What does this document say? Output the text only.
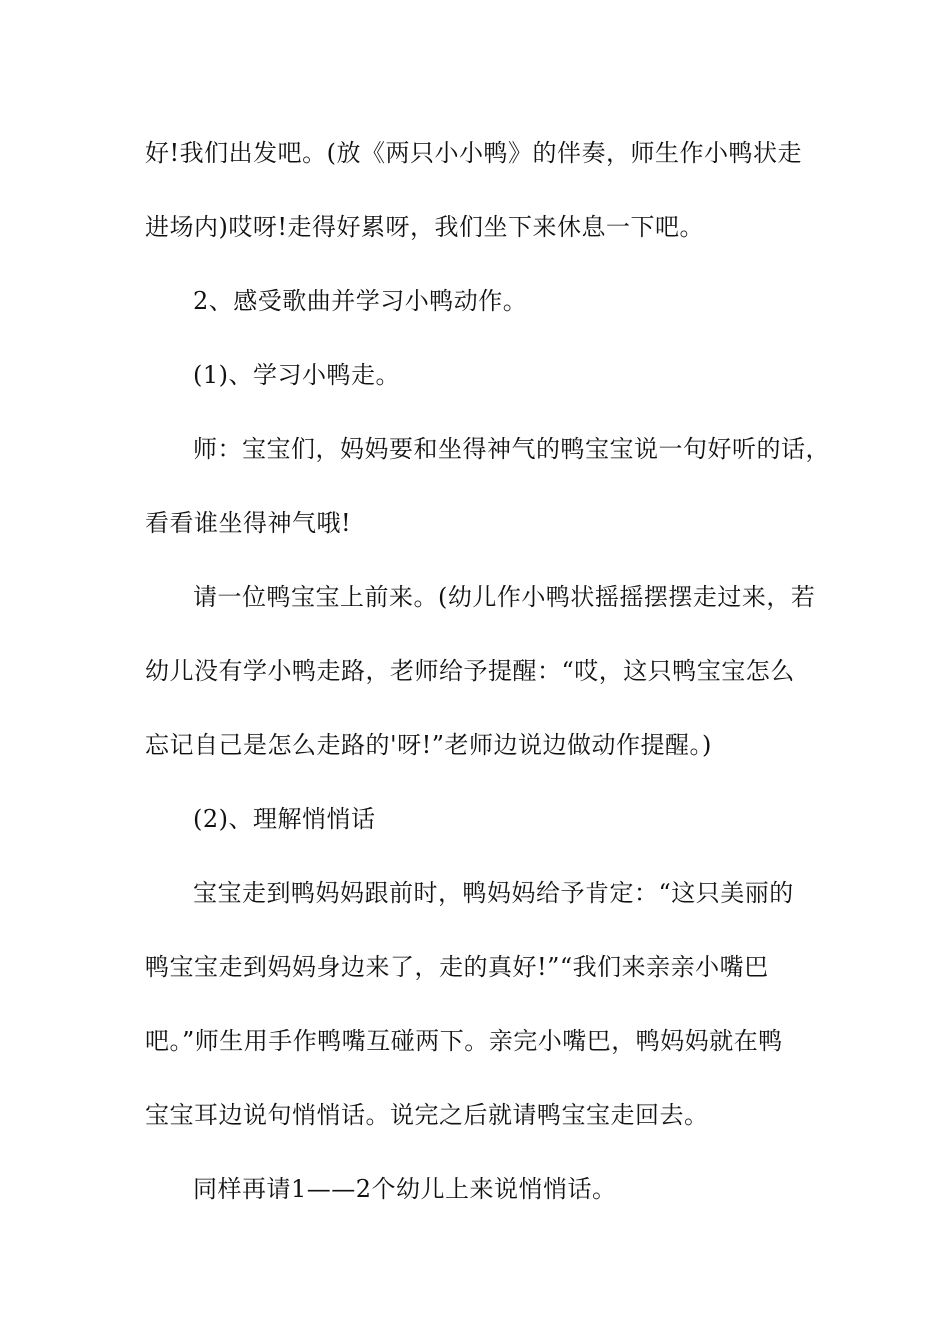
好!我们出发吧。(放《两只小小鸭》的伴奏，师生作小鸭状走
进场内)哎呀!走得好累呀，我们坐下来休息一下吧。
2、感受歌曲并学习小鸭动作。
(1)、学习小鸭走。
师：宝宝们，妈妈要和坐得神气的鸭宝宝说一句好听的话，
看看谁坐得神气哦!
请一位鸭宝宝上前来。(幼儿作小鸭状摇摇摆摆走过来，若
幼儿没有学小鸭走路，老师给予提醒：“哎，这只鸭宝宝怎么
忘记自己是怎么走路的'呀!”老师边说边做动作提醒。)
(2)、理解悄悄话
宝宝走到鸭妈妈跟前时，鸭妈妈给予肯定：“这只美丽的
鸭宝宝走到妈妈身边来了，走的真好!”“我们来亲亲小嘴巴
吧。”师生用手作鸭嘴互碰两下。亲完小嘴巴，鸭妈妈就在鸭
宝宝耳边说句悄悄话。说完之后就请鸭宝宝走回去。
同样再请1——2个幼儿上来说悄悄话。
